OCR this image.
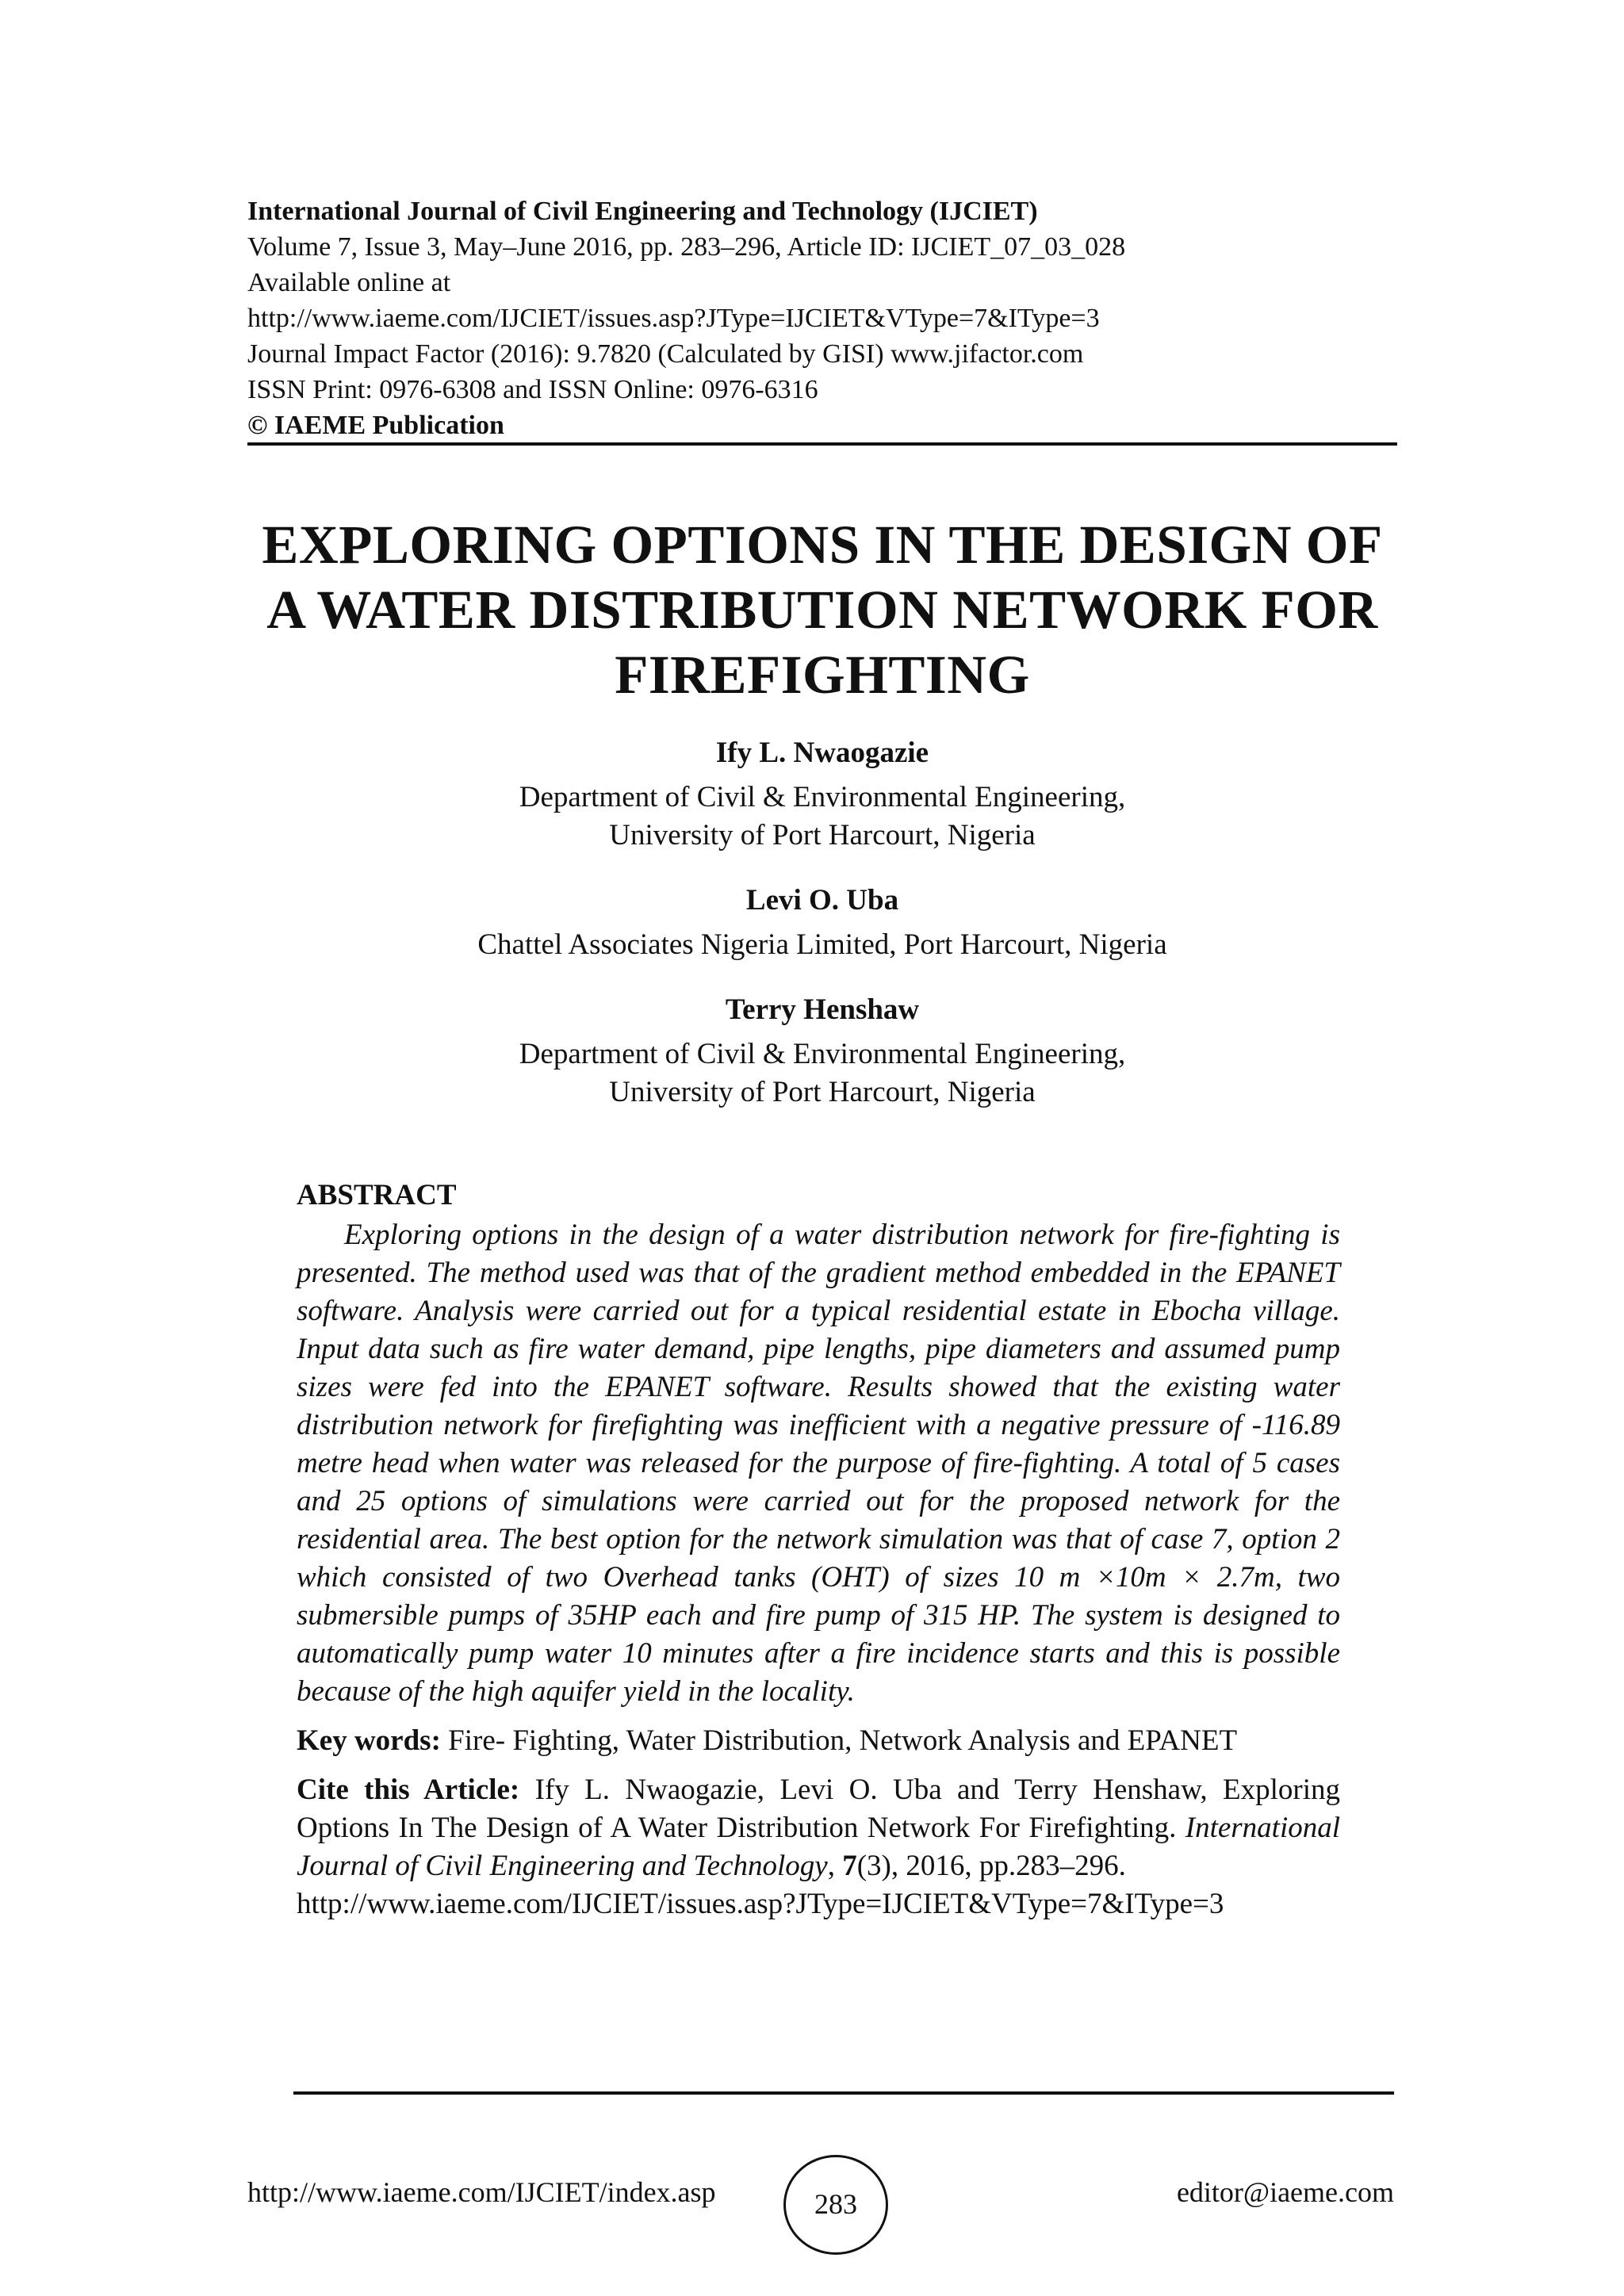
International Journal of Civil Engineering and Technology (IJCIET)
Volume 7, Issue 3, May–June 2016, pp. 283–296, Article ID: IJCIET_07_03_028
Available online at
http://www.iaeme.com/IJCIET/issues.asp?JType=IJCIET&VType=7&IType=3
Journal Impact Factor (2016): 9.7820 (Calculated by GISI) www.jifactor.com
ISSN Print: 0976-6308 and ISSN Online: 0976-6316
© IAEME Publication
EXPLORING OPTIONS IN THE DESIGN OF
A WATER DISTRIBUTION NETWORK FOR
FIREFIGHTING
Ify L. Nwaogazie
Department of Civil & Environmental Engineering,
University of Port Harcourt, Nigeria
Levi O. Uba
Chattel Associates Nigeria Limited, Port Harcourt, Nigeria
Terry Henshaw
Department of Civil & Environmental Engineering,
University of Port Harcourt, Nigeria
ABSTRACT

Exploring options in the design of a water distribution network for fire-fighting is presented. The method used was that of the gradient method embedded in the EPANET software. Analysis were carried out for a typical residential estate in Ebocha village. Input data such as fire water demand, pipe lengths, pipe diameters and assumed pump sizes were fed into the EPANET software. Results showed that the existing water distribution network for firefighting was inefficient with a negative pressure of -116.89 metre head when water was released for the purpose of fire-fighting. A total of 5 cases and 25 options of simulations were carried out for the proposed network for the residential area. The best option for the network simulation was that of case 7, option 2 which consisted of two Overhead tanks (OHT) of sizes 10 m ×10m × 2.7m, two submersible pumps of 35HP each and fire pump of 315 HP. The system is designed to automatically pump water 10 minutes after a fire incidence starts and this is possible because of the high aquifer yield in the locality.

Key words: Fire- Fighting, Water Distribution, Network Analysis and EPANET

Cite this Article: Ify L. Nwaogazie, Levi O. Uba and Terry Henshaw, Exploring Options In The Design of A Water Distribution Network For Firefighting. International Journal of Civil Engineering and Technology, 7(3), 2016, pp.283–296.
http://www.iaeme.com/IJCIET/issues.asp?JType=IJCIET&VType=7&IType=3

http://www.iaeme.com/IJCIET/index.asp	283	editor@iaeme.com
